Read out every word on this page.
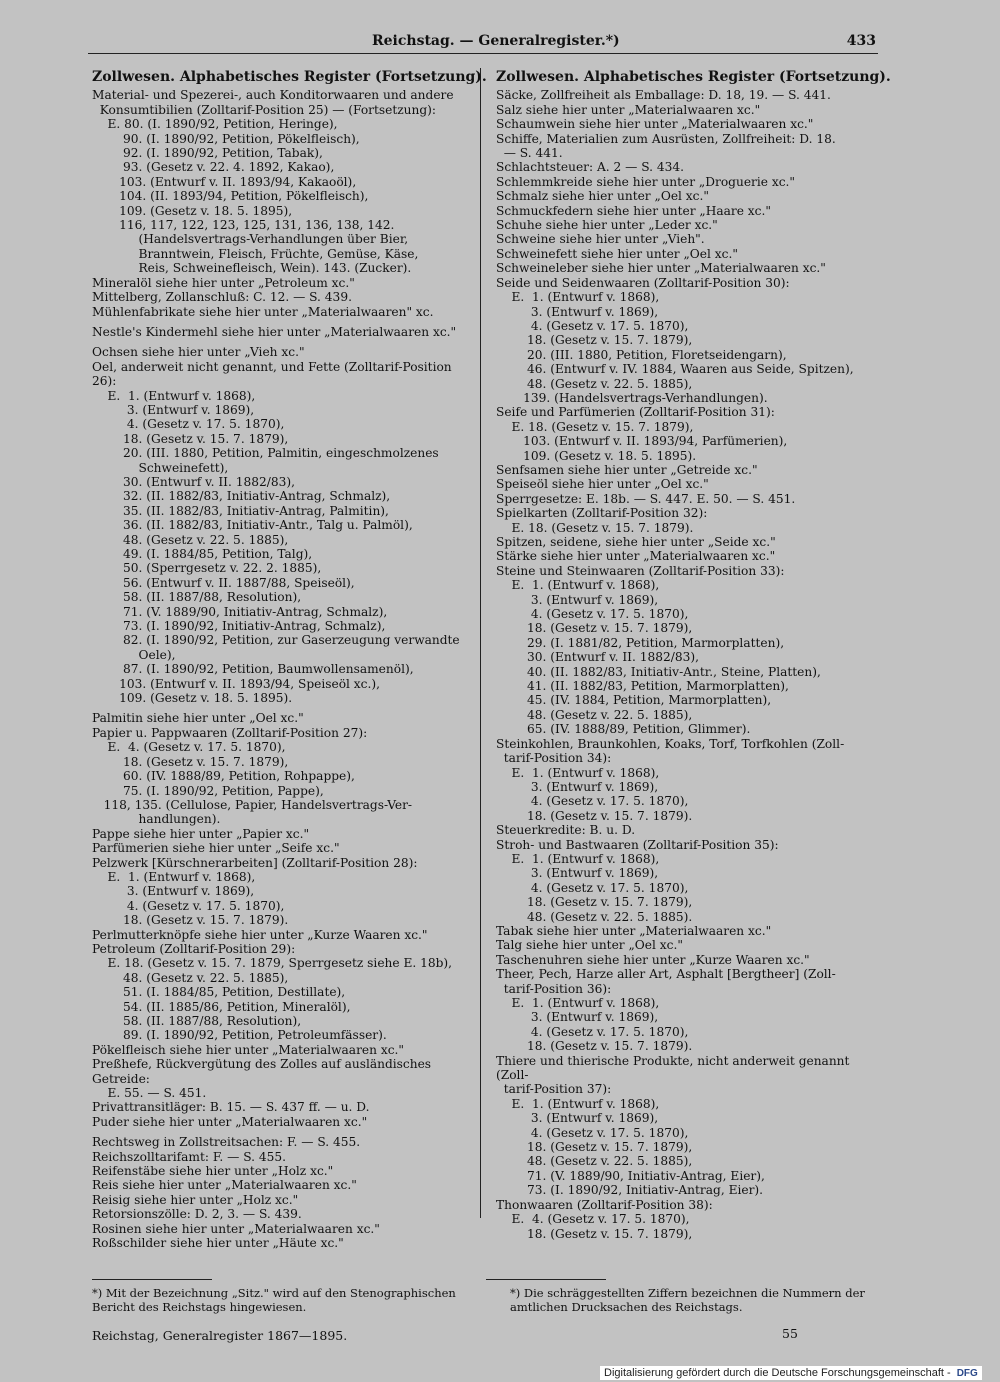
Reichstag. — Generalregister.*)	433
Zollwesen. Alphabetisches Register (Fortsetzung).

Material- und Spezerei-, auch Konditorwaaren und andere

Konsumtibilien (Zolltarif-Position 25) — (Fortsetzung):

E. 80. (I. 1890/92, Petition, Heringe),

90. (I. 1890/92, Petition, Pökelfleisch),

92. (I. 1890/92, Petition, Tabak),

93. (Gesetz v. 22. 4. 1892, Kakao),

103. (Entwurf v. II. 1893/94, Kakaoöl),

104. (II. 1893/94, Petition, Pökelfleisch),

109. (Gesetz v. 18. 5. 1895),

116, 117, 122, 123, 125, 131, 136, 138, 142.

(Handelsvertrags-Verhandlungen über Bier,

Branntwein, Fleisch, Früchte, Gemüse, Käse,

Reis, Schweinefleisch, Wein). 143. (Zucker).

Mineralöl siehe hier unter „Petroleum xc."

Mittelberg, Zollanschluß: C. 12. — S. 439.

Mühlenfabrikate siehe hier unter „Materialwaaren" xc.

Nestle's Kindermehl siehe hier unter „Materialwaaren xc."

Ochsen siehe hier unter „Vieh xc."

Oel, anderweit nicht genannt, und Fette (Zolltarif-Position 26):

E.  1. (Entwurf v. 1868),

3. (Entwurf v. 1869),

4. (Gesetz v. 17. 5. 1870),

18. (Gesetz v. 15. 7. 1879),

20. (III. 1880, Petition, Palmitin, eingeschmolzenes

Schweinefett),

30. (Entwurf v. II. 1882/83),

32. (II. 1882/83, Initiativ-Antrag, Schmalz),

35. (II. 1882/83, Initiativ-Antrag, Palmitin),

36. (II. 1882/83, Initiativ-Antr., Talg u. Palmöl),

48. (Gesetz v. 22. 5. 1885),

49. (I. 1884/85, Petition, Talg),

50. (Sperrgesetz v. 22. 2. 1885),

56. (Entwurf v. II. 1887/88, Speiseöl),

58. (II. 1887/88, Resolution),

71. (V. 1889/90, Initiativ-Antrag, Schmalz),

73. (I. 1890/92, Initiativ-Antrag, Schmalz),

82. (I. 1890/92, Petition, zur Gaserzeugung verwandte

Oele),

87. (I. 1890/92, Petition, Baumwollensamenöl),

103. (Entwurf v. II. 1893/94, Speiseöl xc.),

109. (Gesetz v. 18. 5. 1895).

Palmitin siehe hier unter „Oel xc."

Papier u. Pappwaaren (Zolltarif-Position 27):

E.  4. (Gesetz v. 17. 5. 1870),

18. (Gesetz v. 15. 7. 1879),

60. (IV. 1888/89, Petition, Rohpappe),

75. (I. 1890/92, Petition, Pappe),

118, 135. (Cellulose, Papier, Handelsvertrags-Ver-

handlungen).

Pappe siehe hier unter „Papier xc."

Parfümerien siehe hier unter „Seife xc."

Pelzwerk [Kürschnerarbeiten] (Zolltarif-Position 28):

E.  1. (Entwurf v. 1868),

3. (Entwurf v. 1869),

4. (Gesetz v. 17. 5. 1870),

18. (Gesetz v. 15. 7. 1879).

Perlmutterknöpfe siehe hier unter „Kurze Waaren xc."

Petroleum (Zolltarif-Position 29):

E. 18. (Gesetz v. 15. 7. 1879, Sperrgesetz siehe E. 18b),

48. (Gesetz v. 22. 5. 1885),

51. (I. 1884/85, Petition, Destillate),

54. (II. 1885/86, Petition, Mineralöl),

58. (II. 1887/88, Resolution),

89. (I. 1890/92, Petition, Petroleumfässer).

Pökelfleisch siehe hier unter „Materialwaaren xc."

Preßhefe, Rückvergütung des Zolles auf ausländisches Getreide:

E. 55. — S. 451.

Privattransitläger: B. 15. — S. 437 ff. — u. D.

Puder siehe hier unter „Materialwaaren xc."

Rechtsweg in Zollstreitsachen: F. — S. 455.

Reichszolltarifamt: F. — S. 455.

Reifenstäbe siehe hier unter „Holz xc."

Reis siehe hier unter „Materialwaaren xc."

Reisig siehe hier unter „Holz xc."

Retorsionszölle: D. 2, 3. — S. 439.

Rosinen siehe hier unter „Materialwaaren xc."

Roßschilder siehe hier unter „Häute xc."

Zollwesen. Alphabetisches Register (Fortsetzung).

Säcke, Zollfreiheit als Emballage: D. 18, 19. — S. 441.

Salz siehe hier unter „Materialwaaren xc."

Schaumwein siehe hier unter „Materialwaaren xc."

Schiffe, Materialien zum Ausrüsten, Zollfreiheit: D. 18.

— S. 441.

Schlachtsteuer: A. 2 — S. 434.

Schlemmkreide siehe hier unter „Droguerie xc."

Schmalz siehe hier unter „Oel xc."

Schmuckfedern siehe hier unter „Haare xc."

Schuhe siehe hier unter „Leder xc."

Schweine siehe hier unter „Vieh".

Schweinefett siehe hier unter „Oel xc."

Schweineleber siehe hier unter „Materialwaaren xc."

Seide und Seidenwaaren (Zolltarif-Position 30):

E.  1. (Entwurf v. 1868),

3. (Entwurf v. 1869),

4. (Gesetz v. 17. 5. 1870),

18. (Gesetz v. 15. 7. 1879),

20. (III. 1880, Petition, Floretseidengarn),

46. (Entwurf v. IV. 1884, Waaren aus Seide, Spitzen),

48. (Gesetz v. 22. 5. 1885),

139. (Handelsvertrags-Verhandlungen).

Seife und Parfümerien (Zolltarif-Position 31):

E. 18. (Gesetz v. 15. 7. 1879),

103. (Entwurf v. II. 1893/94, Parfümerien),

109. (Gesetz v. 18. 5. 1895).

Senfsamen siehe hier unter „Getreide xc."

Speiseöl siehe hier unter „Oel xc."

Sperrgesetze: E. 18b. — S. 447. E. 50. — S. 451.

Spielkarten (Zolltarif-Position 32):

E. 18. (Gesetz v. 15. 7. 1879).

Spitzen, seidene, siehe hier unter „Seide xc."

Stärke siehe hier unter „Materialwaaren xc."

Steine und Steinwaaren (Zolltarif-Position 33):

E.  1. (Entwurf v. 1868),

3. (Entwurf v. 1869),

4. (Gesetz v. 17. 5. 1870),

18. (Gesetz v. 15. 7. 1879),

29. (I. 1881/82, Petition, Marmorplatten),

30. (Entwurf v. II. 1882/83),

40. (II. 1882/83, Initiativ-Antr., Steine, Platten),

41. (II. 1882/83, Petition, Marmorplatten),

45. (IV. 1884, Petition, Marmorplatten),

48. (Gesetz v. 22. 5. 1885),

65. (IV. 1888/89, Petition, Glimmer).

Steinkohlen, Braunkohlen, Koaks, Torf, Torfkohlen (Zoll-

tarif-Position 34):

E.  1. (Entwurf v. 1868),

3. (Entwurf v. 1869),

4. (Gesetz v. 17. 5. 1870),

18. (Gesetz v. 15. 7. 1879).

Steuerkredite: B. u. D.

Stroh- und Bastwaaren (Zolltarif-Position 35):

E.  1. (Entwurf v. 1868),

3. (Entwurf v. 1869),

4. (Gesetz v. 17. 5. 1870),

18. (Gesetz v. 15. 7. 1879),

48. (Gesetz v. 22. 5. 1885).

Tabak siehe hier unter „Materialwaaren xc."

Talg siehe hier unter „Oel xc."

Taschenuhren siehe hier unter „Kurze Waaren xc."

Theer, Pech, Harze aller Art, Asphalt [Bergtheer] (Zoll-

tarif-Position 36):

E.  1. (Entwurf v. 1868),

3. (Entwurf v. 1869),

4. (Gesetz v. 17. 5. 1870),

18. (Gesetz v. 15. 7. 1879).

Thiere und thierische Produkte, nicht anderweit genannt (Zoll-

tarif-Position 37):

E.  1. (Entwurf v. 1868),

3. (Entwurf v. 1869),

4. (Gesetz v. 17. 5. 1870),

18. (Gesetz v. 15. 7. 1879),

48. (Gesetz v. 22. 5. 1885),

71. (V. 1889/90, Initiativ-Antrag, Eier),

73. (I. 1890/92, Initiativ-Antrag, Eier).

Thonwaaren (Zolltarif-Position 38):

E.  4. (Gesetz v. 17. 5. 1870),

18. (Gesetz v. 15. 7. 1879),

*) Mit der Bezeichnung „Sitz." wird auf den Stenographischen Bericht des Reichstags hingewiesen.
*) Die schräggestellten Ziffern bezeichnen die Nummern der amtlichen Drucksachen des Reichstags.
Reichstag, Generalregister 1867—1895.	55
Digitalisierung gefördert durch die Deutsche Forschungsgemeinschaft - DFG
